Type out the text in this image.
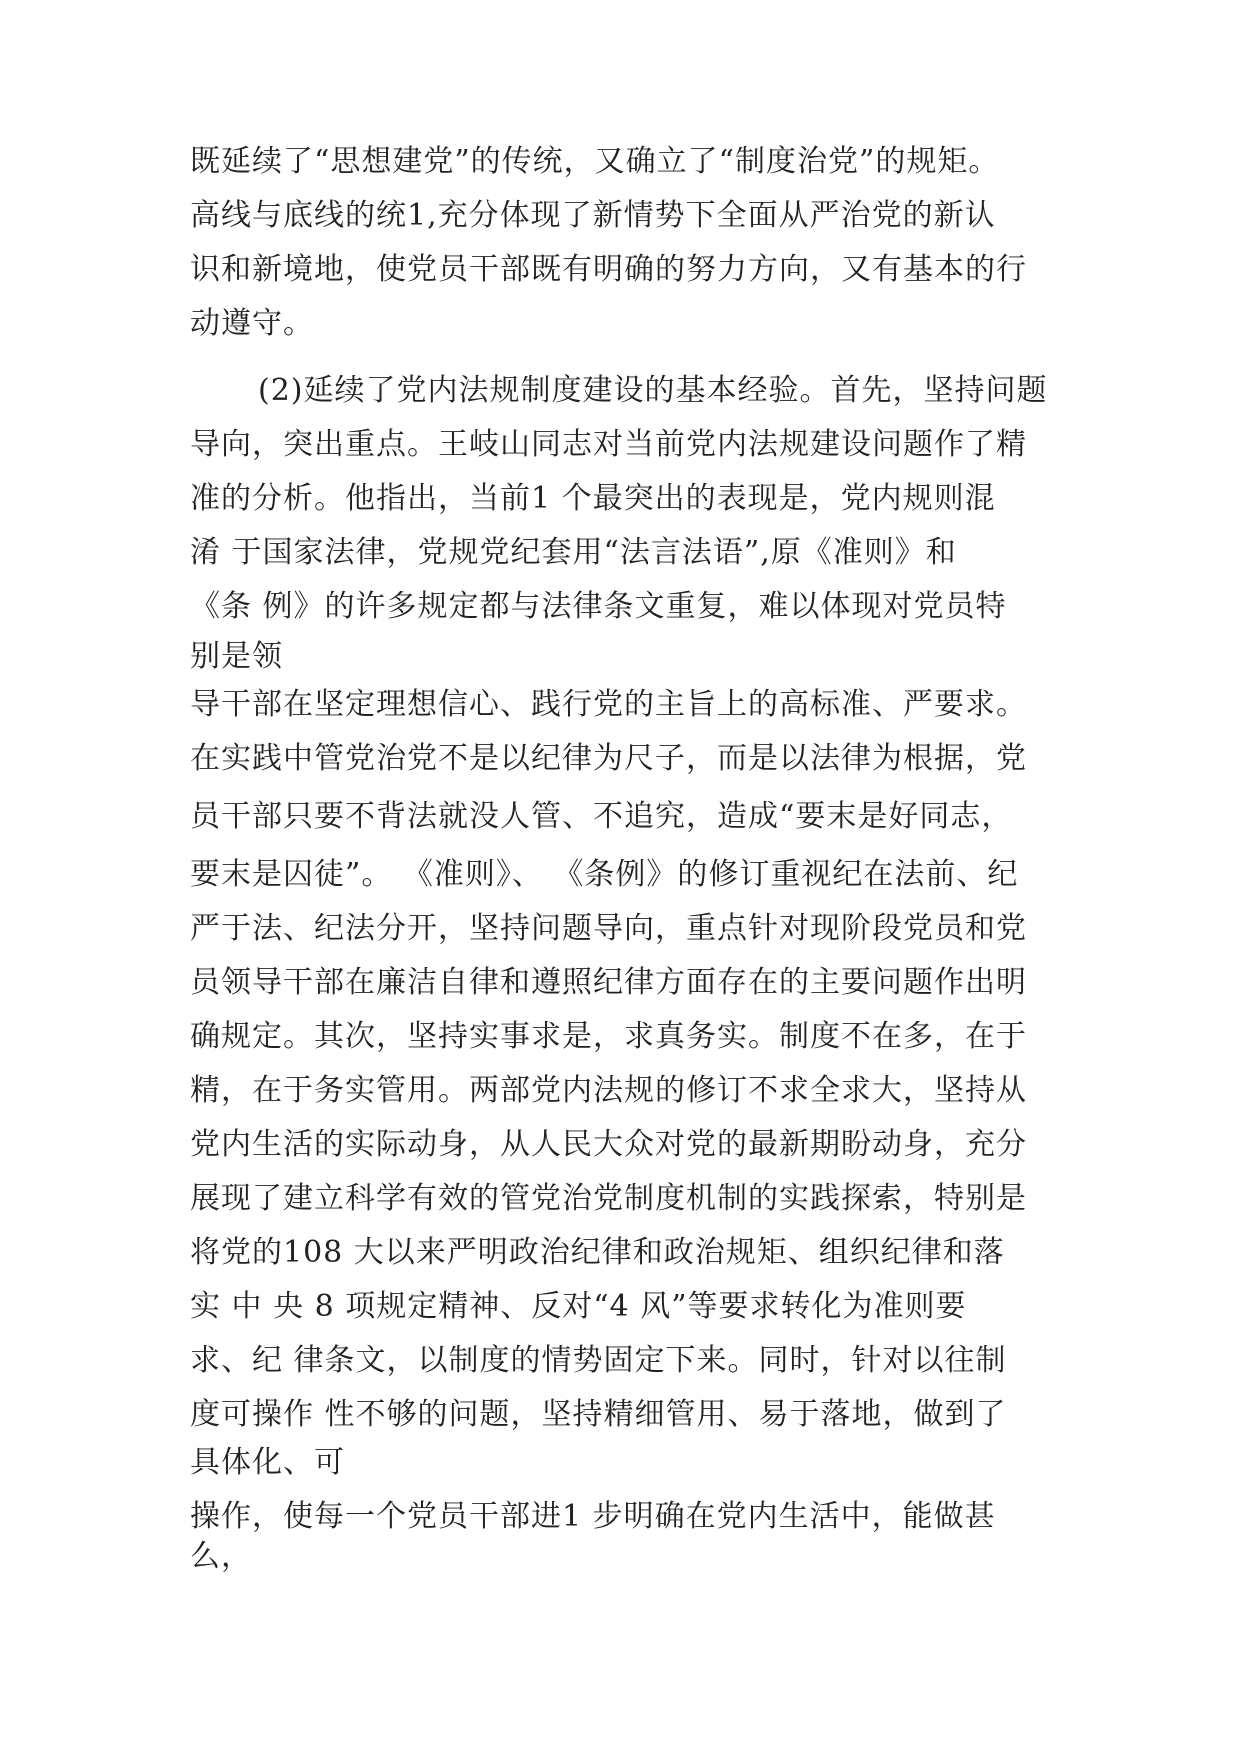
既延续了“思想建党”的传统，又确立了“制度治党”的规矩。
高线与底线的统1,充分体现了新情势下全面从严治党的新认
识和新境地，使党员干部既有明确的努力方向，又有基本的行
动遵守。
(2)延续了党内法规制度建设的基本经验。首先，坚持问题
导向，突出重点。王岐山同志对当前党内法规建设问题作了精
准的分析。他指出，当前1 个最突出的表现是，党内规则混
淆 于国家法律，党规党纪套用“法言法语”,原《准则》和
《条 例》的许多规定都与法律条文重复，难以体现对党员特
别是领
导干部在坚定理想信心、践行党的主旨上的高标准、严要求。
在实践中管党治党不是以纪律为尺子，而是以法律为根据，党
员干部只要不背法就没人管、不追究，造成“要末是好同志，
要末是囚徒”。 《准则》、 《条例》的修订重视纪在法前、纪
严于法、纪法分开，坚持问题导向，重点针对现阶段党员和党
员领导干部在廉洁自律和遵照纪律方面存在的主要问题作出明
确规定。其次，坚持实事求是，求真务实。制度不在多，在于
精，在于务实管用。两部党内法规的修订不求全求大，坚持从
党内生活的实际动身，从人民大众对党的最新期盼动身，充分
展现了建立科学有效的管党治党制度机制的实践探索，特别是
将党的108 大以来严明政治纪律和政治规矩、组织纪律和落
实 中 央 8 项规定精神、反对“4 风”等要求转化为准则要
求、纪 律条文，以制度的情势固定下来。同时，针对以往制
度可操作 性不够的问题，坚持精细管用、易于落地，做到了
具体化、可
操作，使每一个党员干部进1 步明确在党内生活中，能做甚
么，
